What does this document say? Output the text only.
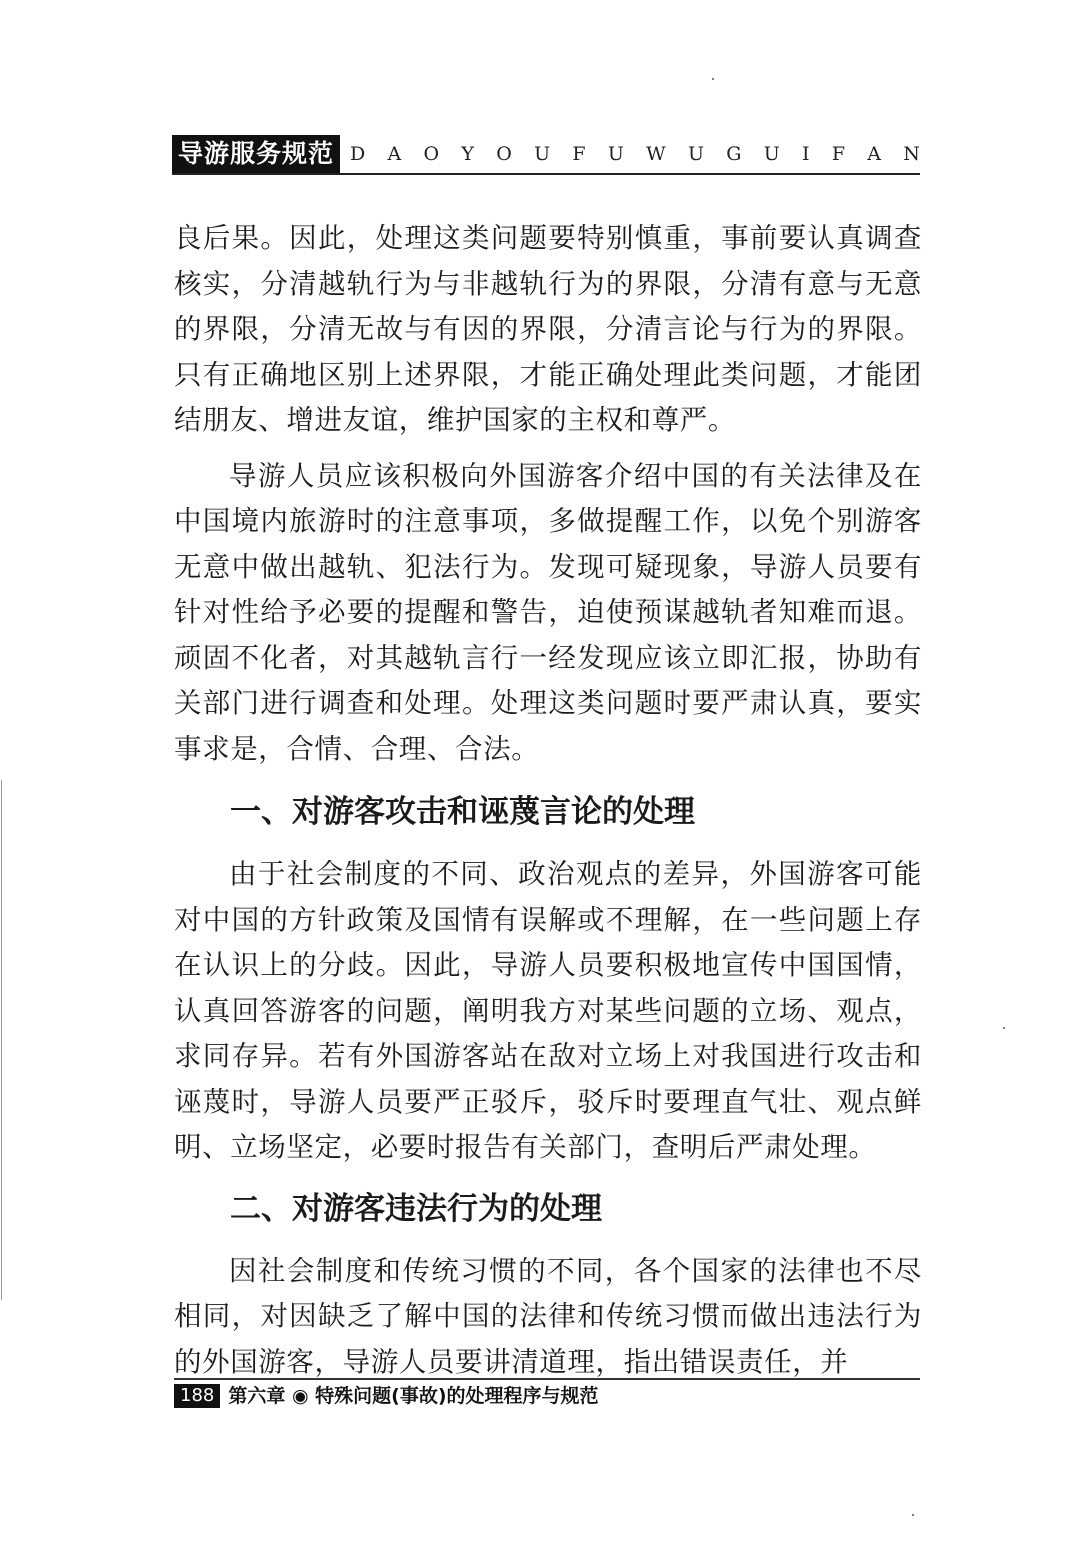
导游服务规范 D A O Y O U F U W U G U I F A N

良后果。因此，处理这类问题要特别慎重，事前要认真调查核实，分清越轨行为与非越轨行为的界限，分清有意与无意的界限，分清无故与有因的界限，分清言论与行为的界限。只有正确地区别上述界限，才能正确处理此类问题，才能团结朋友、增进友谊，维护国家的主权和尊严。

导游人员应该积极向外国游客介绍中国的有关法律及在中国境内旅游时的注意事项，多做提醒工作，以免个别游客无意中做出越轨、犯法行为。发现可疑现象，导游人员要有针对性给予必要的提醒和警告，迫使预谋越轨者知难而退。顽固不化者，对其越轨言行一经发现应该立即汇报，协助有关部门进行调查和处理。处理这类问题时要严肃认真，要实事求是，合情、合理、合法。

一、对游客攻击和诬蔑言论的处理

由于社会制度的不同、政治观点的差异，外国游客可能对中国的方针政策及国情有误解或不理解，在一些问题上存在认识上的分歧。因此，导游人员要积极地宣传中国国情，认真回答游客的问题，阐明我方对某些问题的立场、观点，求同存异。若有外国游客站在敌对立场上对我国进行攻击和诬蔑时，导游人员要严正驳斥，驳斥时要理直气壮、观点鲜明、立场坚定，必要时报告有关部门，查明后严肃处理。

二、对游客违法行为的处理

因社会制度和传统习惯的不同，各个国家的法律也不尽相同，对因缺乏了解中国的法律和传统习惯而做出违法行为的外国游客，导游人员要讲清道理，指出错误责任，并

188 第六章 ◉ 特殊问题(事故)的处理程序与规范
